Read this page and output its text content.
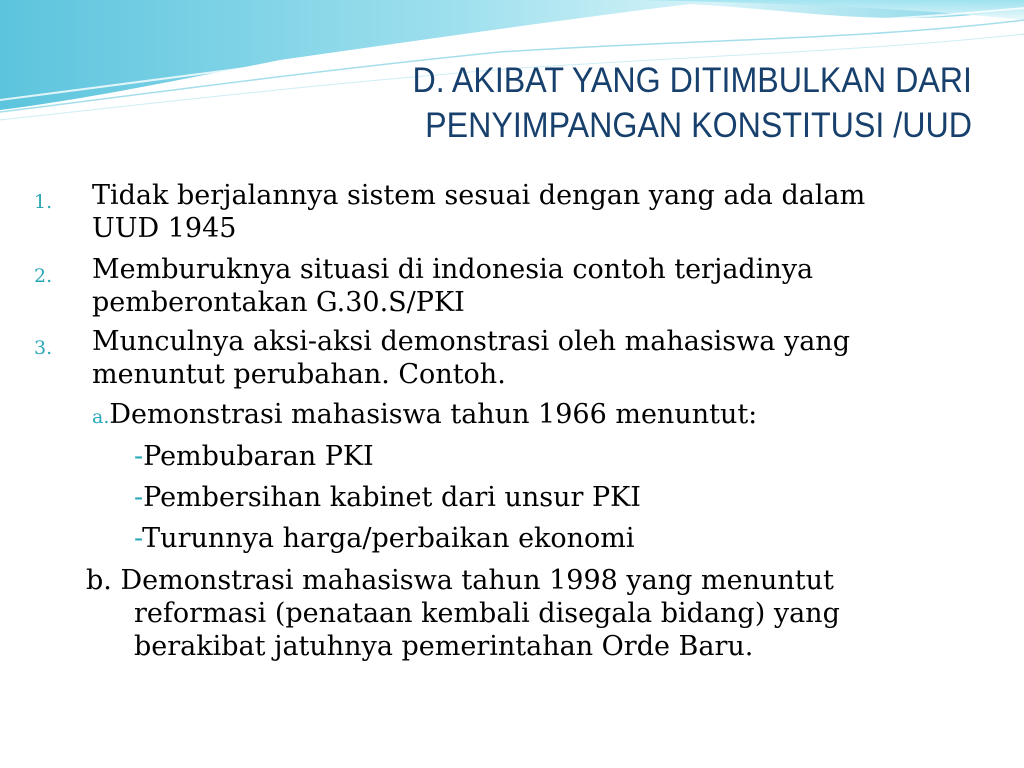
D. AKIBAT YANG DITIMBULKAN DARI
PENYIMPANGAN KONSTITUSI /UUD
1. Tidak berjalannya sistem sesuai dengan yang ada dalam
UUD 1945
2. Memburuknya situasi di indonesia contoh terjadinya
pemberontakan G.30.S/PKI
3. Munculnya aksi-aksi demonstrasi oleh mahasiswa yang
menuntut perubahan. Contoh.
a.Demonstrasi mahasiswa tahun 1966 menuntut:
-Pembubaran PKI
-Pembersihan kabinet dari unsur PKI
-Turunnya harga/perbaikan ekonomi
b. Demonstrasi mahasiswa tahun 1998 yang menuntut
reformasi (penataan kembali disegala bidang) yang
berakibat jatuhnya pemerintahan Orde Baru.
